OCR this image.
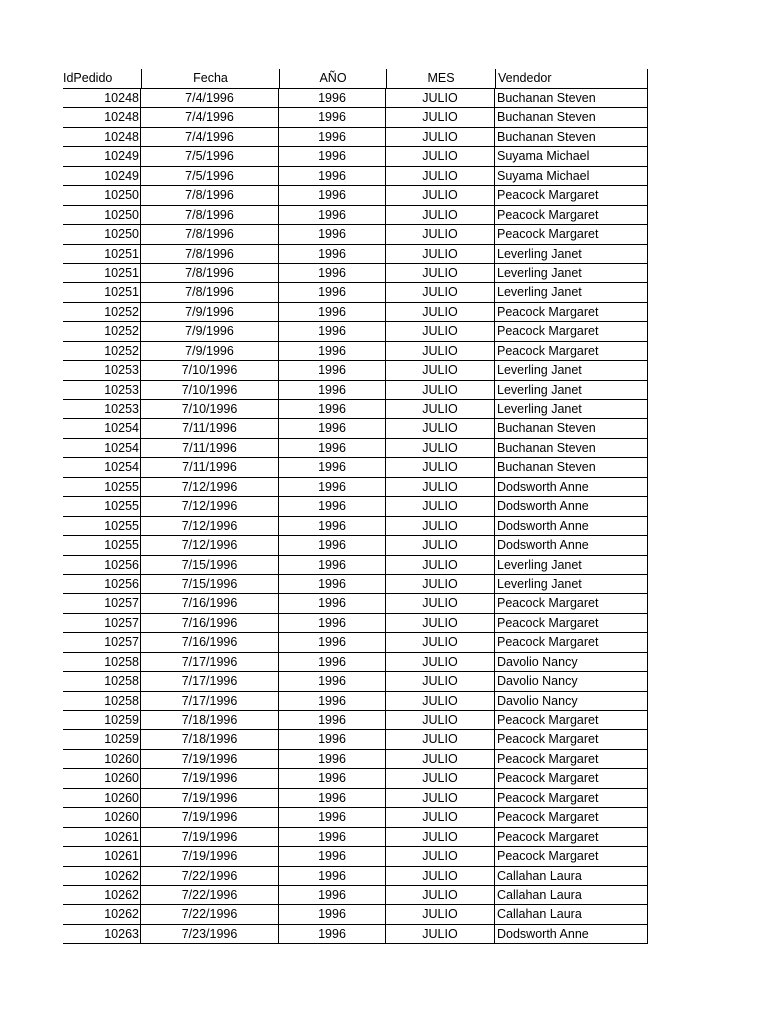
IdPedido	Fecha	AÑO	MES	Vendedor
10248	7/4/1996	1996	JULIO	Buchanan Steven
10248	7/4/1996	1996	JULIO	Buchanan Steven
10248	7/4/1996	1996	JULIO	Buchanan Steven
10249	7/5/1996	1996	JULIO	Suyama Michael
10249	7/5/1996	1996	JULIO	Suyama Michael
10250	7/8/1996	1996	JULIO	Peacock Margaret
10250	7/8/1996	1996	JULIO	Peacock Margaret
10250	7/8/1996	1996	JULIO	Peacock Margaret
10251	7/8/1996	1996	JULIO	Leverling Janet
10251	7/8/1996	1996	JULIO	Leverling Janet
10251	7/8/1996	1996	JULIO	Leverling Janet
10252	7/9/1996	1996	JULIO	Peacock Margaret
10252	7/9/1996	1996	JULIO	Peacock Margaret
10252	7/9/1996	1996	JULIO	Peacock Margaret
10253	7/10/1996	1996	JULIO	Leverling Janet
10253	7/10/1996	1996	JULIO	Leverling Janet
10253	7/10/1996	1996	JULIO	Leverling Janet
10254	7/11/1996	1996	JULIO	Buchanan Steven
10254	7/11/1996	1996	JULIO	Buchanan Steven
10254	7/11/1996	1996	JULIO	Buchanan Steven
10255	7/12/1996	1996	JULIO	Dodsworth Anne
10255	7/12/1996	1996	JULIO	Dodsworth Anne
10255	7/12/1996	1996	JULIO	Dodsworth Anne
10255	7/12/1996	1996	JULIO	Dodsworth Anne
10256	7/15/1996	1996	JULIO	Leverling Janet
10256	7/15/1996	1996	JULIO	Leverling Janet
10257	7/16/1996	1996	JULIO	Peacock Margaret
10257	7/16/1996	1996	JULIO	Peacock Margaret
10257	7/16/1996	1996	JULIO	Peacock Margaret
10258	7/17/1996	1996	JULIO	Davolio Nancy
10258	7/17/1996	1996	JULIO	Davolio Nancy
10258	7/17/1996	1996	JULIO	Davolio Nancy
10259	7/18/1996	1996	JULIO	Peacock Margaret
10259	7/18/1996	1996	JULIO	Peacock Margaret
10260	7/19/1996	1996	JULIO	Peacock Margaret
10260	7/19/1996	1996	JULIO	Peacock Margaret
10260	7/19/1996	1996	JULIO	Peacock Margaret
10260	7/19/1996	1996	JULIO	Peacock Margaret
10261	7/19/1996	1996	JULIO	Peacock Margaret
10261	7/19/1996	1996	JULIO	Peacock Margaret
10262	7/22/1996	1996	JULIO	Callahan Laura
10262	7/22/1996	1996	JULIO	Callahan Laura
10262	7/22/1996	1996	JULIO	Callahan Laura
10263	7/23/1996	1996	JULIO	Dodsworth Anne
